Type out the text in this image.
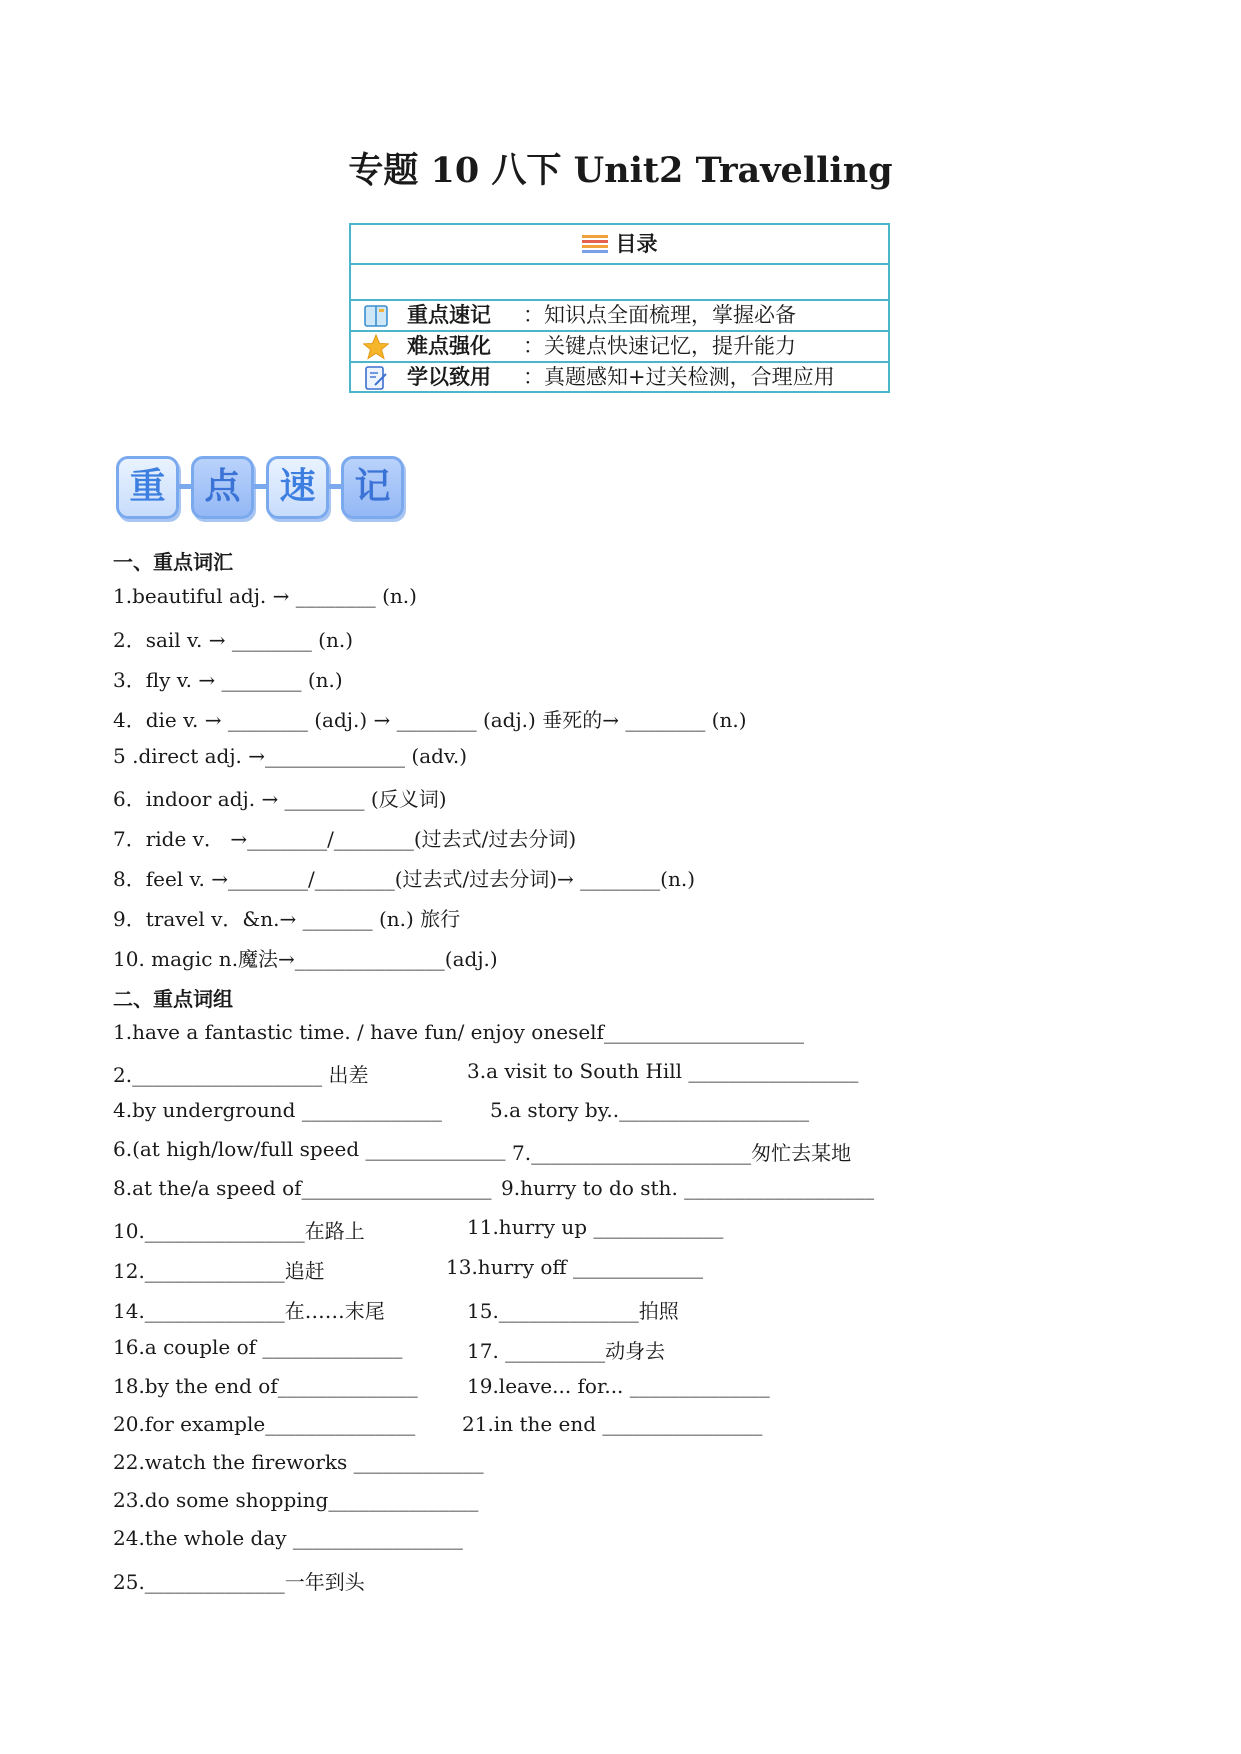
专题 10 八下 Unit2 Travelling
目录
重点速记 ：知识点全面梳理，掌握必备
难点强化 ：关键点快速记忆，提升能力
学以致用 ：真题感知+过关检测，合理应用
重	点	速	记
一、重点词汇
1.beautiful adj. → ________ (n.)
2．sail v. → ________ (n.)
3．fly v. → ________ (n.)
4．die v. → ________ (adj.) → ________ (adj.) 垂死的→ ________ (n.)
5 .direct adj. →______________ (adv.)
6．indoor adj. → ________ (反义词)
7．ride v． →________/________(过去式/过去分词)
8．feel v. →________/________(过去式/过去分词)→ ________(n.)
9．travel v．&n.→ _______ (n.) 旅行
10. magic n.魔法→_______________(adj.)
二、重点词组
1.have a fantastic time. / have fun/ enjoy oneself____________________
2.___________________ 出差	3.a visit to South Hill _________________
4.by underground ______________ 5.a story by..___________________
6.(at high/low/full speed ______________ 7.______________________匆忙去某地
8.at the/a speed of___________________ 9.hurry to do sth. ___________________
10.________________在路上	11.hurry up _____________
12.______________追赶	13.hurry off _____________
14.______________在……末尾	15.______________拍照
16.a couple of ______________	17. __________动身去
18.by the end of______________ 19.leave... for... ______________
20.for example_______________ 21.in the end ________________
22.watch the fireworks _____________
23.do some shopping_______________
24.the whole day _________________
25.______________一年到头
